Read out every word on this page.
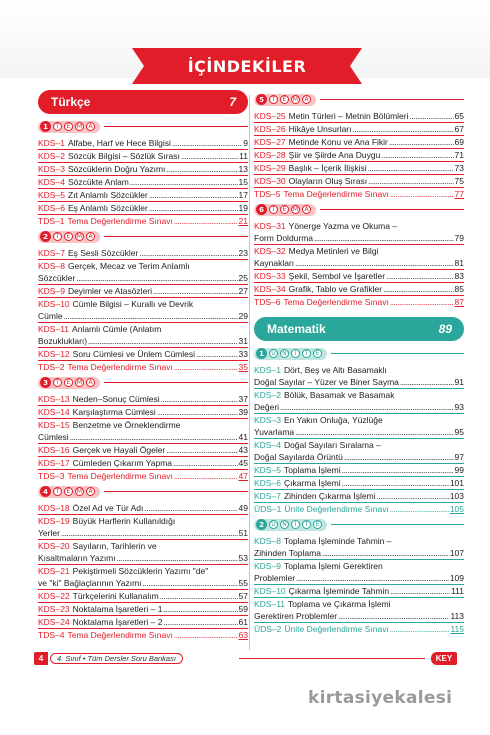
İÇİNDEKİLER
Türkçe	7
1	T	E	M	A
KDS–1 Alfabe, Harf ve Hece Bilgisi .....	9
KDS–2 Sözcük Bilgisi – Sözlük Sırası .....	11
KDS–3 Sözcüklerin Doğru Yazımı .....	13
KDS–4 Sözcükte Anlam .....	15
KDS–5 Zıt Anlamlı Sözcükler .....	17
KDS–6 Eş Anlamlı Sözcükler .....	19
TDS–1 Tema Değerlendirme Sınavı .....	21
2	T	E	M	A
KDS–7 Eş Sesli Sözcükler .....	23
KDS–8 Gerçek, Mecaz ve Terim Anlamlı
Sözcükler .....	25
KDS–9 Deyimler ve Atasözleri .....	27
KDS–10 Cümle Bilgisi – Kurallı ve Devrik
Cümle .....	29
KDS–11 Anlamlı Cümle (Anlatım
Bozuklukları) .....	31
KDS–12 Soru Cümlesi ve Ünlem Cümlesi .....	33
TDS–2 Tema Değerlendirme Sınavı .....	35
3	T	E	M	A
KDS–13 Neden–Sonuç Cümlesi .....	37
KDS–14 Karşılaştırma Cümlesi .....	39
KDS–15 Benzetme ve Örneklendirme
Cümlesi .....	41
KDS–16 Gerçek ve Hayali Ögeler .....	43
KDS–17 Cümleden Çıkarım Yapma .....	45
TDS–3 Tema Değerlendirme Sınavı .....	47
4	T	E	M	A
KDS–18 Özel Ad ve Tür Adı .....	49
KDS–19 Büyük Harflerin Kullanıldığı
Yerler .....	51
KDS–20 Sayıların, Tarihlerin ve
Kısaltmaların Yazımı .....	53
KDS–21 Pekiştirmeli Sözcüklerin Yazımı "de"
ve "ki" Bağlaçlarının Yazımı .....	55
KDS–22 Türkçelerini Kullanalım .....	57
KDS–23 Noktalama İşaretleri – 1 .....	59
KDS–24 Noktalama İşaretleri – 2 .....	61
TDS–4 Tema Değerlendirme Sınavı .....	63
5	T	E	M	A
KDS–25 Metin Türleri – Metnin Bölümleri .....	65
KDS–26 Hikâye Unsurları .....	67
KDS–27 Metinde Konu ve Ana Fikir .....	69
KDS–28 Şiir ve Şiirde Ana Duygu .....	71
KDS–29 Başlık – İçerik İlişkisi .....	73
KDS–30 Olayların Oluş Sırası .....	75
TDS–5 Tema Değerlendirme Sınavı .....	77
6	T	E	M	A
KDS–31 Yönerge Yazma ve Okuma –
Form Doldurma .....	79
KDS–32 Medya Metinleri ve Bilgi
Kaynakları .....	81
KDS–33 Şekil, Sembol ve İşaretler .....	83
KDS–34 Grafik, Tablo ve Grafikler .....	85
TDS–6 Tema Değerlendirme Sınavı .....	87
Matematik	89
1	Ü	N	İ	T	E
KDS–1 Dört, Beş ve Altı Basamaklı
Doğal Sayılar – Yüzer ve Biner Sayma .....	91
KDS–2 Bölük, Basamak ve Basamak
Değeri .....	93
KDS–3 En Yakın Onluğa, Yüzlüğe
Yuvarlama .....	95
KDS–4 Doğal Sayıları Sıralama –
Doğal Sayılarda Örüntü .....	97
KDS–5 Toplama İşlemi .....	99
KDS–6 Çıkarma İşlemi .....	101
KDS–7 Zihinden Çıkarma İşlemi .....	103
ÜDS–1 Ünite Değerlendirme Sınavı .....	105
2	Ü	N	İ	T	E
KDS–8 Toplama İşleminde Tahmin –
Zihinden Toplama .....	107
KDS–9 Toplama İşlemi Gerektiren
Problemler .....	109
KDS–10 Çıkarma İşleminde Tahmin .....	111
KDS–11 Toplama ve Çıkarma İşlemi
Gerektiren Problemler .....	113
ÜDS–2 Ünite Değerlendirme Sınavı .....	115
4	4. Sınıf • Tüm Dersler Soru Bankası	KEY
kirtasiyekalesi
